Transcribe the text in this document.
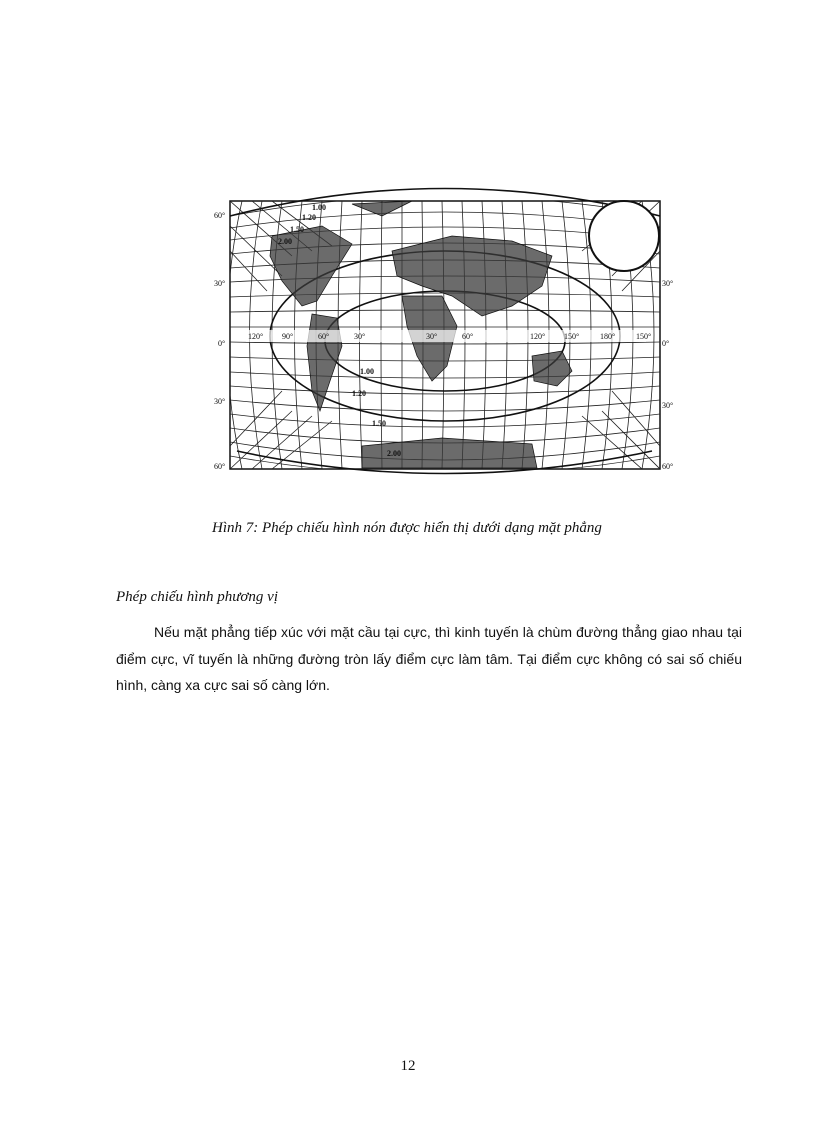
60°
30°
0°
30°
60°
30°
0°
30°
60°
120° 90°	60°	30°	30°	60°	120° 150°	180°	150°
1.00
1.20
1.50
2.00
1.00
1.20
1.50
2.00
Hình 7: Phép chiếu hình nón được hiển thị dưới dạng mặt phẳng
Phép chiếu hình phương vị

Nếu mặt phẳng tiếp xúc với mặt cầu tại cực, thì kinh tuyến là chùm đường thẳng giao nhau tại điểm cực, vĩ tuyến là những đường tròn lấy điểm cực làm tâm. Tại điểm cực không có sai số chiếu hình, càng xa cực sai số càng lớn.

12
